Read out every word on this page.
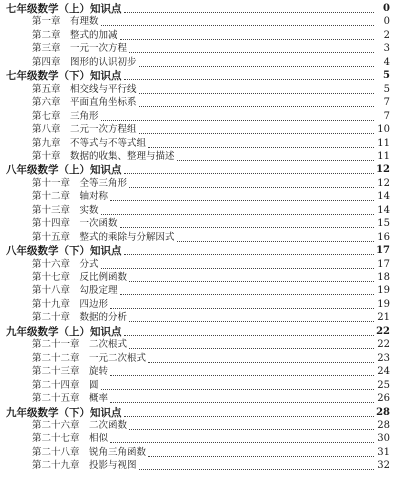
七年级数学（上）知识点	0
第一章　有理数	0
第二章　整式的加减	2
第三章　一元一次方程	3
第四章　图形的认识初步	4
七年级数学（下）知识点	5
第五章　相交线与平行线	5
第六章　平面直角坐标系	7
第七章　三角形	7
第八章　二元一次方程组	10
第九章　不等式与不等式组	11
第十章　数据的收集、整理与描述	11
八年级数学（上）知识点	12
第十一章　全等三角形	12
第十二章　轴对称	14
第十三章　实数	14
第十四章　一次函数	15
第十五章　整式的乘除与分解因式	16
八年级数学（下）知识点	17
第十六章　分式	17
第十七章　反比例函数	18
第十八章　勾股定理	19
第十九章　四边形	19
第二十章　数据的分析	21
九年级数学（上）知识点	22
第二十一章　二次根式	22
第二十二章　一元二次根式	23
第二十三章　旋转	24
第二十四章　圆	25
第二十五章　概率	26
九年级数学（下）知识点	28
第二十六章　二次函数	28
第二十七章　相似	30
第二十八章　锐角三角函数	31
第二十九章　投影与视图	32
